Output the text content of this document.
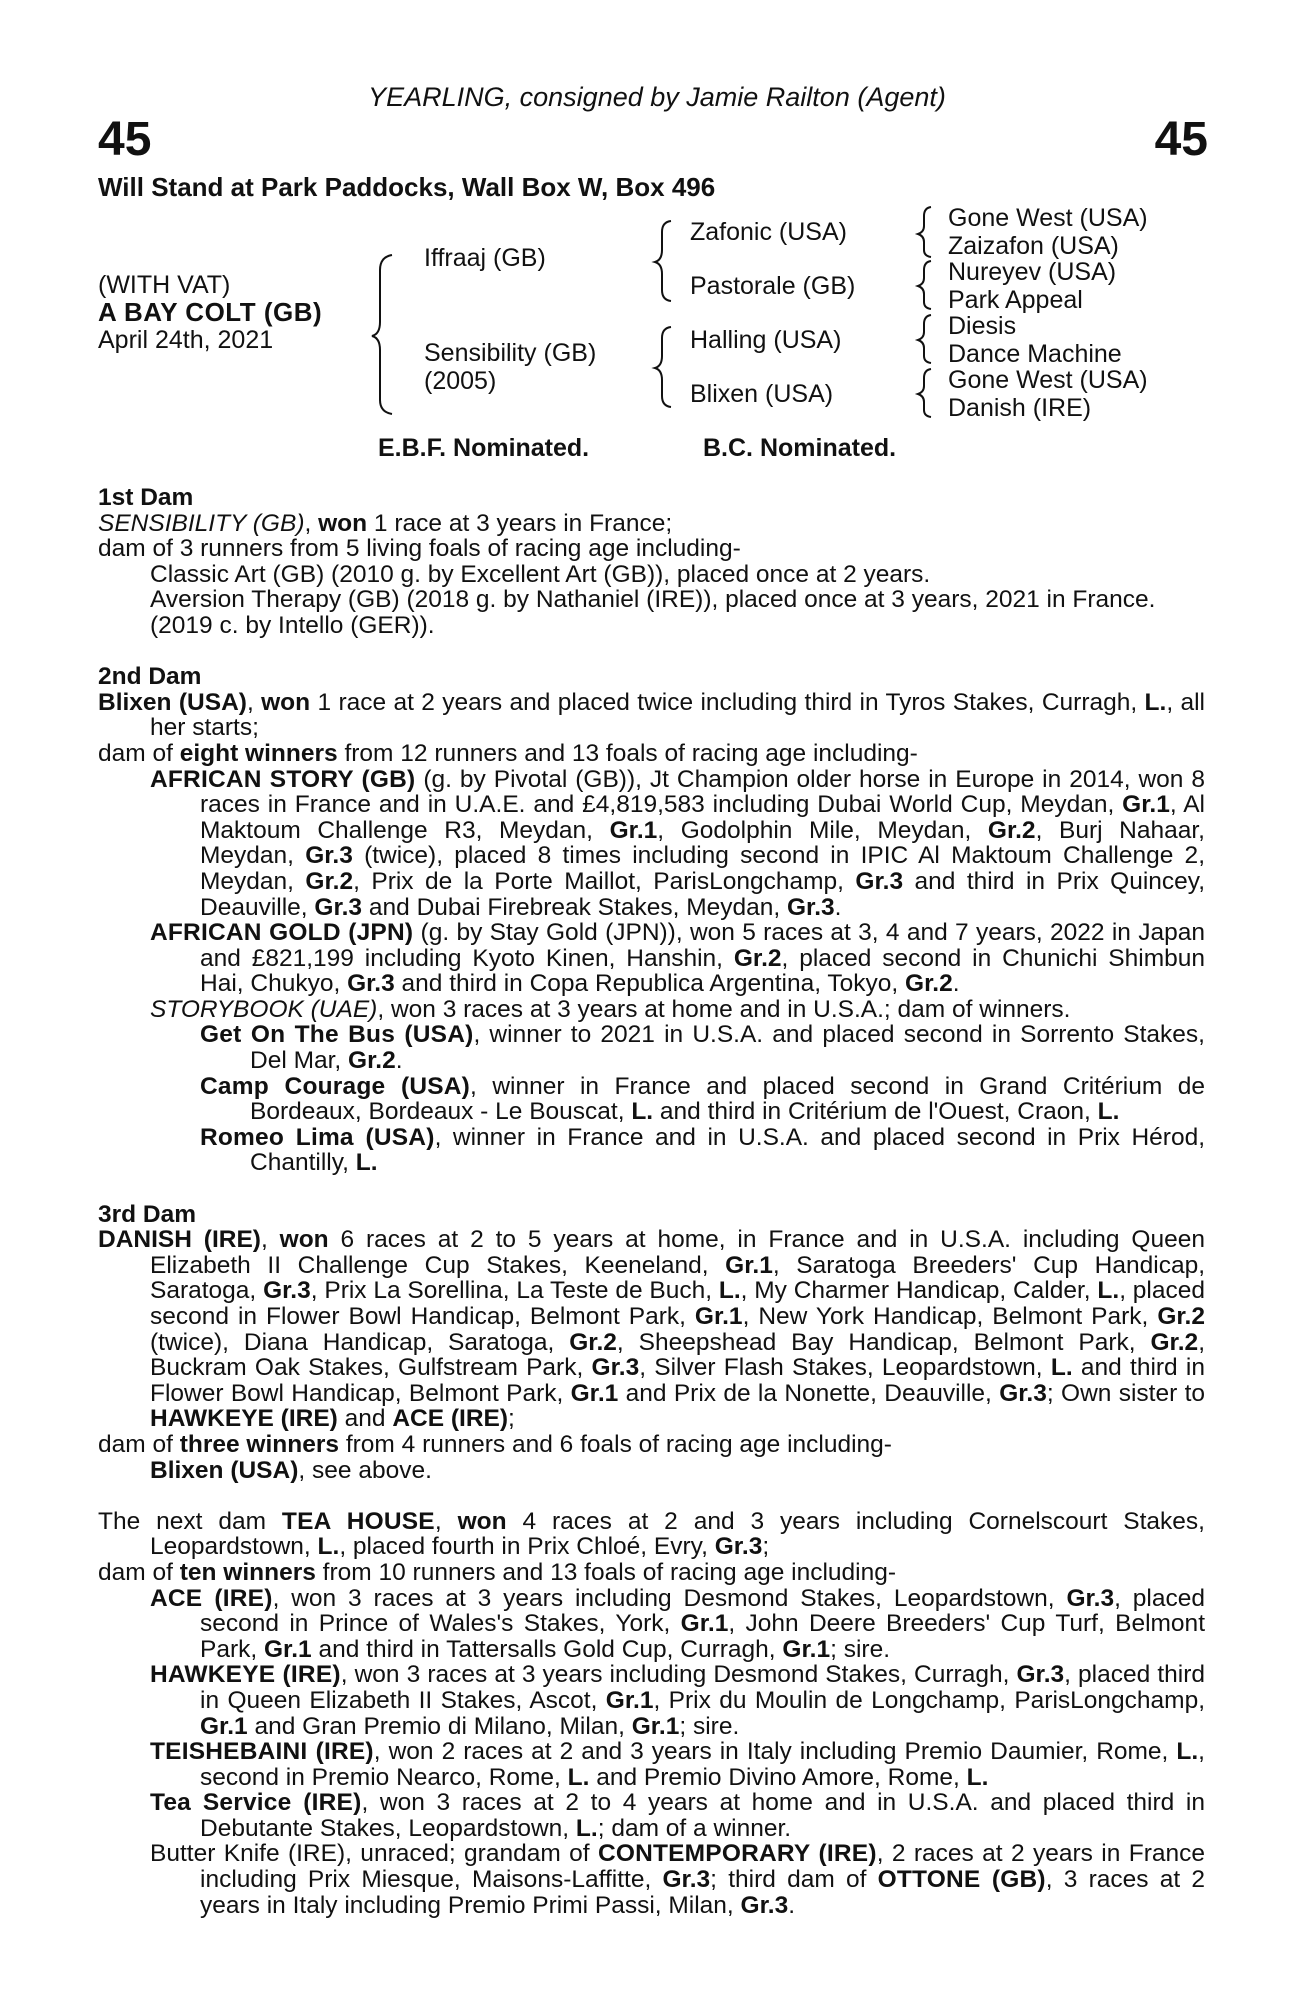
YEARLING, consigned by Jamie Railton (Agent)
45	45
Will Stand at Park Paddocks, Wall Box W, Box 496
(WITH VAT)
A BAY COLT (GB)
April 24th, 2021
Iffraaj (GB)
Sensibility (GB)
(2005)
Zafonic (USA)
Pastorale (GB)
Halling (USA)
Blixen (USA)
Gone West (USA)
Zaizafon (USA)
Nureyev (USA)
Park Appeal
Diesis
Dance Machine
Gone West (USA)
Danish (IRE)
E.B.F. Nominated.	B.C. Nominated.

1st Dam

SENSIBILITY (GB), won 1 race at 3 years in France;

dam of 3 runners from 5 living foals of racing age including-

Classic Art (GB) (2010 g. by Excellent Art (GB)), placed once at 2 years.

Aversion Therapy (GB) (2018 g. by Nathaniel (IRE)), placed once at 3 years, 2021 in France.

(2019 c. by Intello (GER)).

2nd Dam

Blixen (USA), won 1 race at 2 years and placed twice including third in Tyros Stakes, Curragh, L., all her starts;

dam of eight winners from 12 runners and 13 foals of racing age including-

AFRICAN STORY (GB) (g. by Pivotal (GB)), Jt Champion older horse in Europe in 2014, won 8 races in France and in U.A.E. and £4,819,583 including Dubai World Cup, Meydan, Gr.1, Al Maktoum Challenge R3, Meydan, Gr.1, Godolphin Mile, Meydan, Gr.2, Burj Nahaar, Meydan, Gr.3 (twice), placed 8 times including second in IPIC Al Maktoum Challenge 2, Meydan, Gr.2, Prix de la Porte Maillot, ParisLongchamp, Gr.3 and third in Prix Quincey, Deauville, Gr.3 and Dubai Firebreak Stakes, Meydan, Gr.3.

AFRICAN GOLD (JPN) (g. by Stay Gold (JPN)), won 5 races at 3, 4 and 7 years, 2022 in Japan and £821,199 including Kyoto Kinen, Hanshin, Gr.2, placed second in Chunichi Shimbun Hai, Chukyo, Gr.3 and third in Copa Republica Argentina, Tokyo, Gr.2.

STORYBOOK (UAE), won 3 races at 3 years at home and in U.S.A.; dam of winners.

Get On The Bus (USA), winner to 2021 in U.S.A. and placed second in Sorrento Stakes, Del Mar, Gr.2.

Camp Courage (USA), winner in France and placed second in Grand Critérium de Bordeaux, Bordeaux - Le Bouscat, L. and third in Critérium de l'Ouest, Craon, L.

Romeo Lima (USA), winner in France and in U.S.A. and placed second in Prix Hérod, Chantilly, L.

3rd Dam

DANISH (IRE), won 6 races at 2 to 5 years at home, in France and in U.S.A. including Queen Elizabeth II Challenge Cup Stakes, Keeneland, Gr.1, Saratoga Breeders' Cup Handicap, Saratoga, Gr.3, Prix La Sorellina, La Teste de Buch, L., My Charmer Handicap, Calder, L., placed second in Flower Bowl Handicap, Belmont Park, Gr.1, New York Handicap, Belmont Park, Gr.2 (twice), Diana Handicap, Saratoga, Gr.2, Sheepshead Bay Handicap, Belmont Park, Gr.2, Buckram Oak Stakes, Gulfstream Park, Gr.3, Silver Flash Stakes, Leopardstown, L. and third in Flower Bowl Handicap, Belmont Park, Gr.1 and Prix de la Nonette, Deauville, Gr.3; Own sister to HAWKEYE (IRE) and ACE (IRE);

dam of three winners from 4 runners and 6 foals of racing age including-

Blixen (USA), see above.

The next dam TEA HOUSE, won 4 races at 2 and 3 years including Cornelscourt Stakes, Leopardstown, L., placed fourth in Prix Chloé, Evry, Gr.3;

dam of ten winners from 10 runners and 13 foals of racing age including-

ACE (IRE), won 3 races at 3 years including Desmond Stakes, Leopardstown, Gr.3, placed second in Prince of Wales's Stakes, York, Gr.1, John Deere Breeders' Cup Turf, Belmont Park, Gr.1 and third in Tattersalls Gold Cup, Curragh, Gr.1; sire.

HAWKEYE (IRE), won 3 races at 3 years including Desmond Stakes, Curragh, Gr.3, placed third in Queen Elizabeth II Stakes, Ascot, Gr.1, Prix du Moulin de Longchamp, ParisLongchamp, Gr.1 and Gran Premio di Milano, Milan, Gr.1; sire.

TEISHEBAINI (IRE), won 2 races at 2 and 3 years in Italy including Premio Daumier, Rome, L., second in Premio Nearco, Rome, L. and Premio Divino Amore, Rome, L.

Tea Service (IRE), won 3 races at 2 to 4 years at home and in U.S.A. and placed third in Debutante Stakes, Leopardstown, L.; dam of a winner.

Butter Knife (IRE), unraced; grandam of CONTEMPORARY (IRE), 2 races at 2 years in France including Prix Miesque, Maisons-Laffitte, Gr.3; third dam of OTTONE (GB), 3 races at 2 years in Italy including Premio Primi Passi, Milan, Gr.3.
